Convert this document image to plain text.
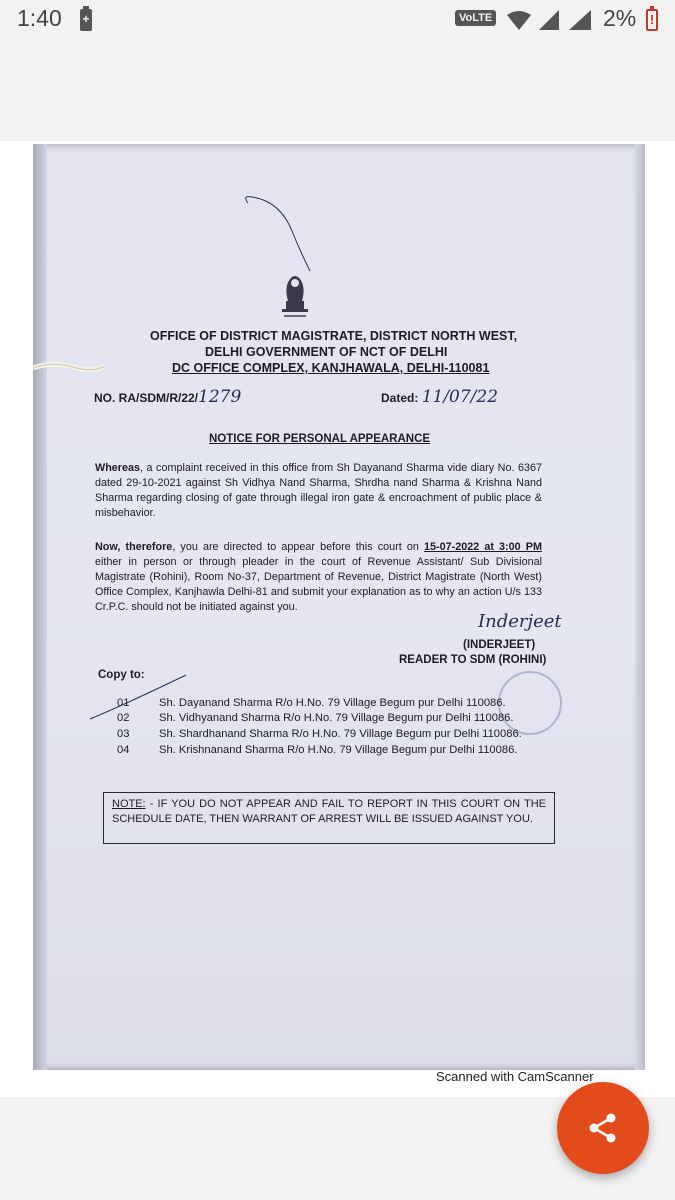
1:40 +	VoLTE	2% !
OFFICE OF DISTRICT MAGISTRATE, DISTRICT NORTH WEST,
DELHI GOVERNMENT OF NCT OF DELHI
DC OFFICE COMPLEX, KANJHAWALA, DELHI-110081
NO. RA/SDM/R/22/1279	Dated: 11/07/22
NOTICE FOR PERSONAL APPEARANCE
Whereas, a complaint received in this office from Sh Dayanand Sharma vide diary No. 6367 dated 29-10-2021 against Sh Vidhya Nand Sharma, Shrdha nand Sharma & Krishna Nand Sharma regarding closing of gate through illegal iron gate & encroachment of public place & misbehavior.
Now, therefore, you are directed to appear before this court on 15-07-2022 at 3:00 PM either in person or through pleader in the court of Revenue Assistant/ Sub Divisional Magistrate (Rohini), Room No-37, Department of Revenue, District Magistrate (North West) Office Complex, Kanjhawla Delhi-81 and submit your explanation as to why an action U/s 133 Cr.P.C. should not be initiated against you.
Inderjeet
(INDERJEET)
READER TO SDM (ROHINI)
Copy to:
01	Sh. Dayanand Sharma R/o H.No. 79 Village Begum pur Delhi 110086.
02	Sh. Vidhyanand Sharma R/o H.No. 79 Village Begum pur Delhi 110086.
03	Sh. Shardhanand Sharma R/o H.No. 79 Village Begum pur Delhi 110086.
04	Sh. Krishnanand Sharma R/o H.No. 79 Village Begum pur Delhi 110086.
NOTE: - IF YOU DO NOT APPEAR AND FAIL TO REPORT IN THIS COURT ON THE SCHEDULE DATE, THEN WARRANT OF ARREST WILL BE ISSUED AGAINST YOU.
Scanned with CamScanner
